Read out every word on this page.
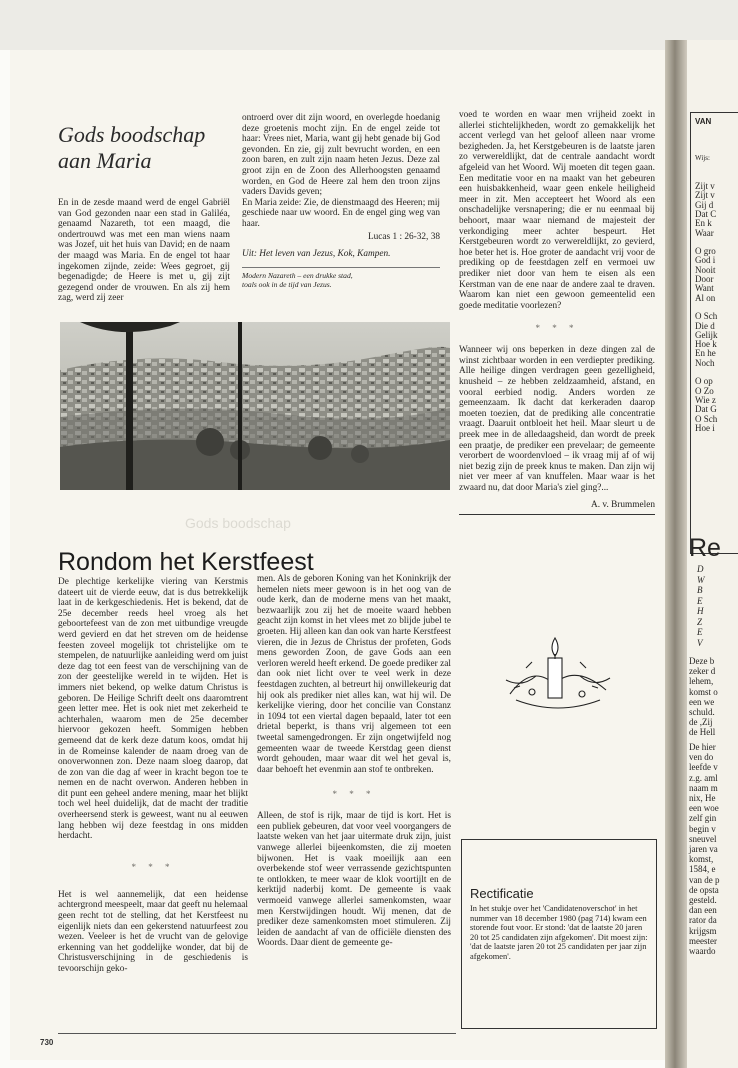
Gods boodschap aan Maria
En in de zesde maand werd de engel Gabriël van God gezonden naar een stad in Galiléa, genaamd Nazareth, tot een maagd, die ondertrouwd was met een man wiens naam was Jozef, uit het huis van David; en de naam der maagd was Maria. En de engel tot haar ingekomen zijnde, zeide: Wees gegroet, gij begenadigde; de Heere is met u, gij zijt gezegend onder de vrouwen. En als zij hem zag, werd zij zeer
ontroerd over dit zijn woord, en overlegde hoedanig deze groetenis mocht zijn. En de engel zeide tot haar: Vrees niet, Maria, want gij hebt genade bij God gevonden. En zie, gij zult bevrucht worden, en een zoon baren, en zult zijn naam heten Jezus. Deze zal groot zijn en de Zoon des Allerhoogsten genaamd worden, en God de Heere zal hem den troon zijns vaders Davids geven;
En Maria zeide: Zie, de dienstmaagd des Heeren; mij geschiede naar uw woord. En de engel ging weg van haar.
Lucas 1 : 26-32, 38
Uit: Het leven van Jezus, Kok, Kampen.
Modern Nazareth – een drukke stad, toals ook in de tijd van Jezus.
voed te worden en waar men vrijheid zoekt in allerlei stichtelijkheden, wordt zo gemakkelijk het accent verlegd van het geloof alleen naar vrome bezigheden. Ja, het Kerstgebeuren is de laatste jaren zo verwereldlijkt, dat de centrale aandacht wordt afgeleid van het Woord. Wij moeten dit tegen gaan. Een meditatie voor en na maakt van het gebeuren een huisbakkenheid, waar geen enkele heiligheid meer in zit. Men accepteert het Woord als een onschadelijke versnapering; die er nu eenmaal bij behoort, maar waar niemand de majesteit der verkondiging meer achter bespeurt. Het Kerstgebeuren wordt zo verwereldlijkt, zo gevierd, hoe beter het is. Hoe groter de aandacht vrij voor de prediking op de feestdagen zelf en vermoei uw prediker niet door van hem te eisen als een Kerstman van de ene naar de andere zaal te draven. Waarom kan niet een gewoon gemeentelid een goede meditatie voorlezen?
* * *
Wanneer wij ons beperken in deze dingen zal de winst zichtbaar worden in een verdiepter prediking. Alle heilige dingen verdragen geen gezelligheid, knusheid – ze hebben zeldzaamheid, afstand, en vooral eerbied nodig. Anders worden ze gemeenzaam. Ik dacht dat kerkeraden daarop moeten toezien, dat de prediking alle concentratie vraagt. Daaruit ontbloeit het heil. Maar sleurt u de preek mee in de alledaagsheid, dan wordt de preek een praatje, de prediker een prevelaar; de gemeente verorbert de woordenvloed – ik vraag mij af of wij niet bezig zijn de preek knus te maken. Dan zijn wij niet ver meer af van knuffelen. Maar waar is het zwaard nu, dat door Maria's ziel ging?...
A. v. Brummelen
Gods boodschap
Rondom het Kerstfeest
De plechtige kerkelijke viering van Kerstmis dateert uit de vierde eeuw, dat is dus betrekkelijk laat in de kerkgeschiedenis. Het is bekend, dat de 25e december reeds heel vroeg als het geboortefeest van de zon met uitbundige vreugde werd gevierd en dat het streven om de heidense feesten zoveel mogelijk tot christelijke om te stempelen, de natuurlijke aanleiding werd om juist deze dag tot een feest van de verschijning van de zon der geestelijke wereld in te wijden. Het is immers niet bekend, op welke datum Christus is geboren. De Heilige Schrift deelt ons daaromtrent geen letter mee. Het is ook niet met zekerheid te achterhalen, waarom men de 25e december hiervoor gekozen heeft. Sommigen hebben gemeend dat de kerk deze datum koos, omdat hij in de Romeinse kalender de naam droeg van de onoverwonnen zon. Deze naam sloeg daarop, dat de zon van die dag af weer in kracht begon toe te nemen en de nacht overwon. Anderen hebben in dit punt een geheel andere mening, maar het blijkt toch wel heel duidelijk, dat de macht der traditie overheersend sterk is geweest, want nu al eeuwen lang hebben wij deze feestdag in ons midden herdacht.
* * *
Het is wel aannemelijk, dat een heidense achtergrond meespeelt, maar dat geeft nu helemaal geen recht tot de stelling, dat het Kerstfeest nu eigenlijk niets dan een gekerstend natuurfeest zou wezen. Veeleer is het de vrucht van de gelovige erkenning van het goddelijke wonder, dat bij de Christusverschijning in de geschiedenis is tevoorschijn geko-
men. Als de geboren Koning van het Koninkrijk der hemelen niets meer gewoon is in het oog van de oude kerk, dan de moderne mens van het maakt, bezwaarlijk zou zij het de moeite waard hebben geacht zijn komst in het vlees met zo blijde jubel te groeten. Hij alleen kan dan ook van harte Kerstfeest vieren, die in Jezus de Christus der profeten, Gods mens geworden Zoon, de gave Gods aan een verloren wereld heeft erkend. De goede prediker zal dan ook niet licht over te veel werk in deze feestdagen zuchten, al betreurt hij onwillekeurig dat hij ook als prediker niet alles kan, wat hij wil. De kerkelijke viering, door het concilie van Constanz in 1094 tot een viertal dagen bepaald, later tot een drietal beperkt, is thans vrij algemeen tot een tweetal samengedrongen. Er zijn ongetwijfeld nog gemeenten waar de tweede Kerstdag geen dienst wordt gehouden, maar waar dit wel het geval is, daar behoeft het evenmin aan stof te ontbreken.
* * *
Alleen, de stof is rijk, maar de tijd is kort. Het is een publiek gebeuren, dat voor veel voorgangers de laatste weken van het jaar uitermate druk zijn, juist vanwege allerlei bijeenkomsten, die zij moeten bijwonen. Het is vaak moeilijk aan een overbekende stof weer verrassende gezichtspunten te ontlokken, te meer waar de klok voortijlt en de kerktijd naderbij komt. De gemeente is vaak vermoeid vanwege allerlei samenkomsten, waar men Kerstwijdingen houdt. Wij menen, dat de prediker deze samenkomsten moet stimuleren. Zij leiden de aandacht af van de officiële diensten des Woords. Daar dient de gemeente ge-
Rectificatie
In het stukje over het 'Candidatenoverschot' in het nummer van 18 december 1980 (pag 714) kwam een storende fout voor. Er stond: 'dat de laatste 20 jaren 20 tot 25 candidaten zijn afgekomen'. Dit moest zijn: 'dat de laatste jaren 20 tot 25 candidaten per jaar zijn afgekomen'.
730
VAN
Wijs:
Zijt v
Zijt v
Gij d
Dat C
En k
Waar
O gro
God i
Nooit
Door
Want
Al on
O Sch
Die d
Gelijk
Hoe k
En he
Noch
O op
O Zo
Wie z
Dat G
O Sch
Hoe i
Re
D
W
B
E
H
Z
E
V
Deze b
zeker d
lehem,
komst o
een we
schuld.
de ,Zij
de Hell
De hier
ven do
leefde v
z.g. aml
naam m
nix, He
een woe
zelf gin
begin v
sneuvel
jaren va
komst,
1584, e
van de p
de opsta
gesteld.
dan een
rator da
krijgsm
meester
waardo
